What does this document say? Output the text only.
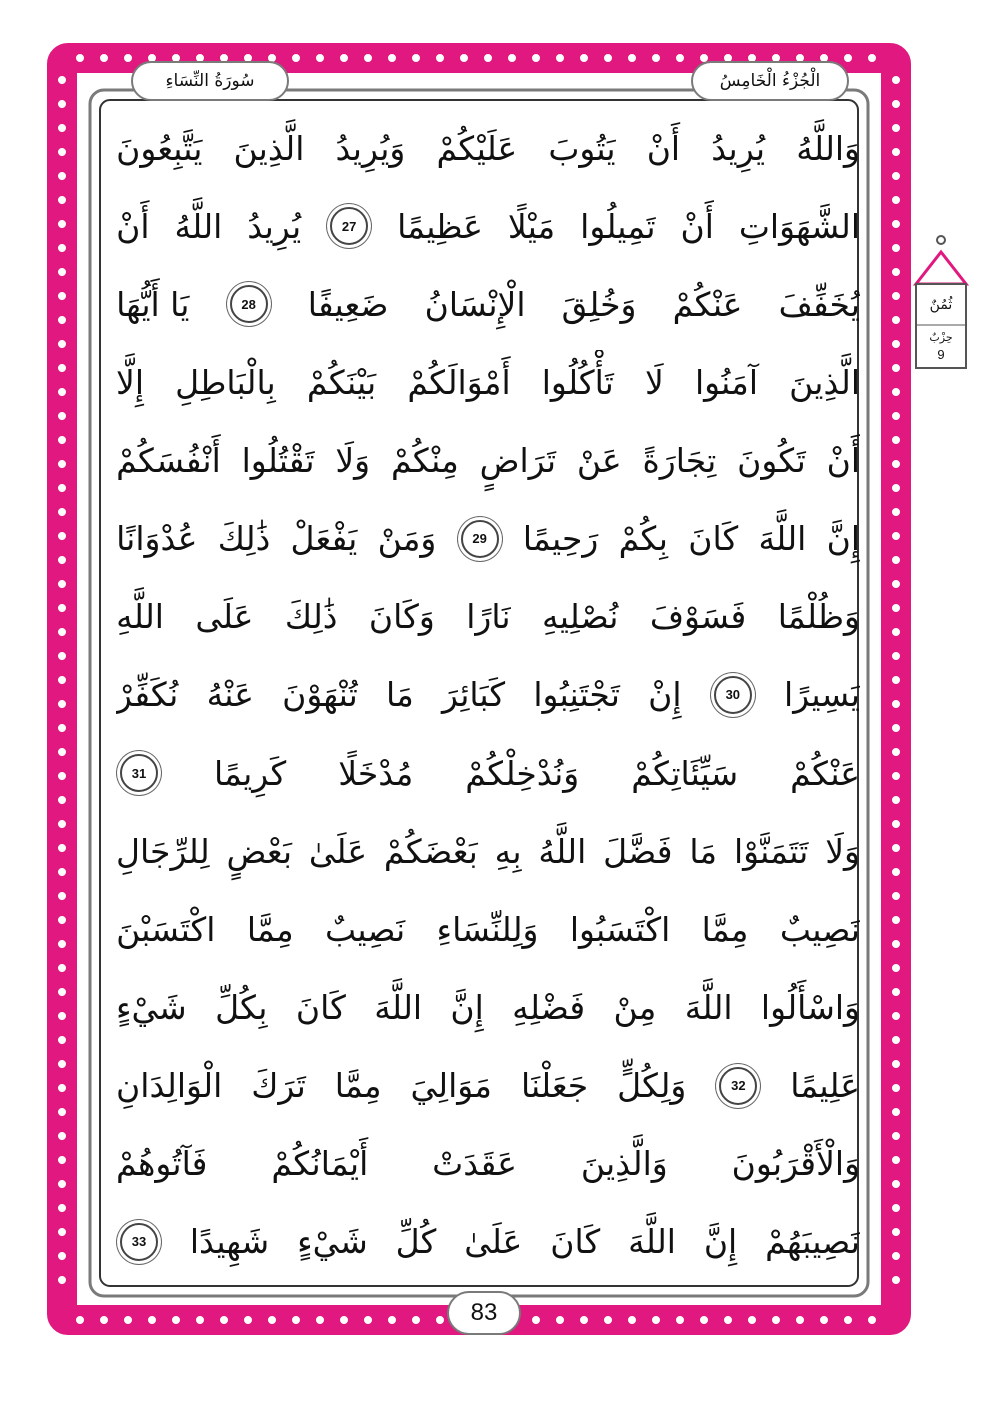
سُورَةُ النِّسَاءِ	الْجُزْءُ الْخَامِسُ
ثُمُنٌ
حِزْبٌ
9
وَاللَّهُ
يُرِيدُ
أَنْ
يَتُوبَ
عَلَيْكُمْ
وَيُرِيدُ
الَّذِينَ
يَتَّبِعُونَ
الشَّهَوَاتِ
أَنْ
تَمِيلُوا
مَيْلًا
عَظِيمًا
27
يُرِيدُ
اللَّهُ
أَنْ
يُخَفِّفَ
عَنْكُمْ
وَخُلِقَ
الْإِنْسَانُ
ضَعِيفًا
28
يَا أَيُّهَا
الَّذِينَ
آمَنُوا
لَا
تَأْكُلُوا
أَمْوَالَكُمْ
بَيْنَكُمْ
بِالْبَاطِلِ
إِلَّا
أَنْ
تَكُونَ
تِجَارَةً
عَنْ
تَرَاضٍ
مِنْكُمْ
وَلَا
تَقْتُلُوا
أَنْفُسَكُمْ
إِنَّ
اللَّهَ
كَانَ
بِكُمْ
رَحِيمًا
29
وَمَنْ
يَفْعَلْ
ذَٰلِكَ
عُدْوَانًا
وَظُلْمًا
فَسَوْفَ
نُصْلِيهِ
نَارًا
وَكَانَ
ذَٰلِكَ
عَلَى
اللَّهِ
يَسِيرًا
30
إِنْ
تَجْتَنِبُوا
كَبَائِرَ
مَا
تُنْهَوْنَ
عَنْهُ
نُكَفِّرْ
عَنْكُمْ
سَيِّئَاتِكُمْ
وَنُدْخِلْكُمْ
مُدْخَلًا
كَرِيمًا
31
وَلَا
تَتَمَنَّوْا
مَا
فَضَّلَ
اللَّهُ
بِهِ
بَعْضَكُمْ
عَلَىٰ
بَعْضٍ
لِلرِّجَالِ
نَصِيبٌ
مِمَّا
اكْتَسَبُوا
وَلِلنِّسَاءِ
نَصِيبٌ
مِمَّا
اكْتَسَبْنَ
وَاسْأَلُوا
اللَّهَ
مِنْ
فَضْلِهِ
إِنَّ
اللَّهَ
كَانَ
بِكُلِّ
شَيْءٍ
عَلِيمًا
32
وَلِكُلٍّ
جَعَلْنَا
مَوَالِيَ
مِمَّا
تَرَكَ
الْوَالِدَانِ
وَالْأَقْرَبُونَ
وَالَّذِينَ
عَقَدَتْ
أَيْمَانُكُمْ
فَآتُوهُمْ
نَصِيبَهُمْ
إِنَّ
اللَّهَ
كَانَ
عَلَىٰ
كُلِّ
شَيْءٍ
شَهِيدًا
33
83
